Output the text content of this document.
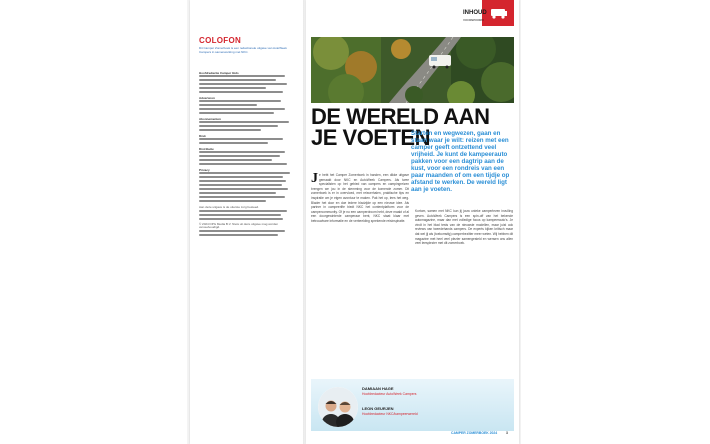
COLOFON
Dit Camper Zomerboek is een redactionele uitgave van AutoWeek Campers in samenwerking met NKC.
Hoofdredactie Camper Gids
Adverteren
Abonnementen
Druk
Distributie
Privacy
Aan deze uitgave is de uiterste zorg besteed.
© 2024 DPG Media B.V. Niets uit deze uitgave mag worden verveelvoudigd.
INHOUD
VOORWOORD
DE WERELD AAN
JE VOETEN
Starten en wegwezen, gaan en staan waar je wilt: reizen met een camper geeft ontzettend veel vrijheid. Je kunt de kampeerauto pakken voor een dagtrip aan de kust, voor een rondreis van een paar maanden of om een tijdje op afstand te werken. De wereld ligt aan je voeten.
J e hebt het Camper Zomerboek in handen, een dikke uitgave gemaakt door NKC en AutoWeek Campers. Als twee specialisten op het gebied van campers en campingreizen brengen we jou in de stemming voor de komende zomer. Dit zomerboek is er in overvloed, met reisverhalen, praktische tips en inspiratie om je eigen avontuur te maken. Pak het op, lees het weg. Blader het door en doe iedere bladzijde op een nieuwe idee. Als partner in campeerlife biedt NKC het contentplatform voor de campercommunity. Of je nu een camperdroom hebt, deze maakt of al een doorgewinterde camperaar bent, NKC staat klaar met betrouwbare informatie en de verbeelding sprekende reisinspiratie.
Kortom, samen met NKC kun jij jouw unieke camperleven invulling geven. AutoWeek Campers is een spin-off van het bekende automagazine, maar dan met volledige focus op kampeerauto's. Je vindt in het blad tests van de nieuwste modellen, maar juist ook reviews van tweedehands campers. De experts kijken kritisch maar dat wel jij als (toekomstig) camperbezitter meer weten. Wij hebben dit magazine met heel veel plezier samengesteld en wensen ons allen veel leesplezier met dit zomerboek.
DAMIAAN HAGE
Hoofdredacteur AutoWeek Campers
LEON GEURJEN
Hoofdredacteur NKC/kampeerwereld
CAMPER ZOMERBOEK 2024	3
